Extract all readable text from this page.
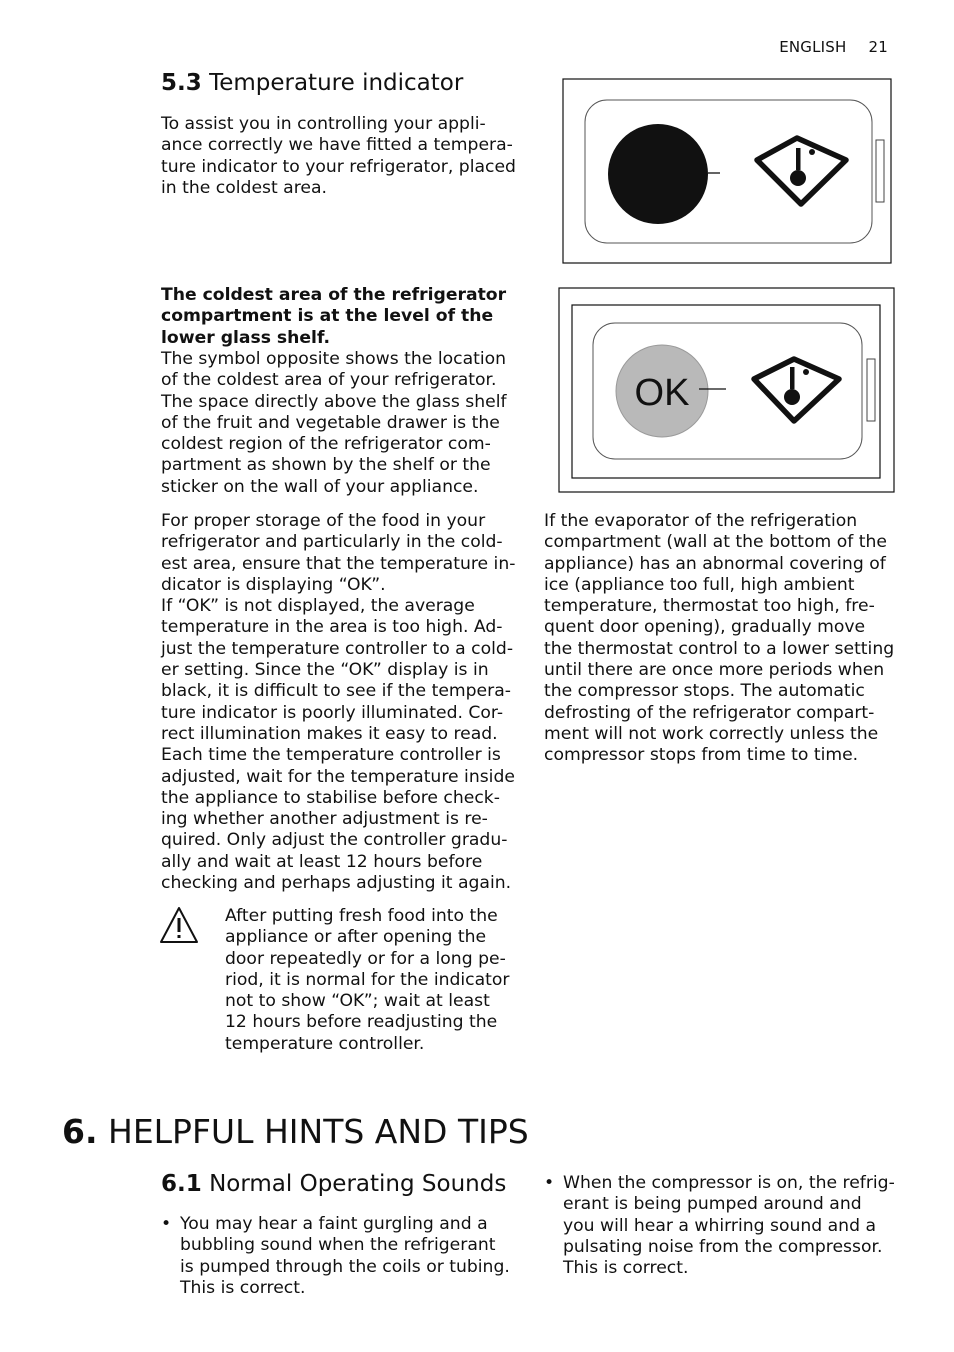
ENGLISH 21
5.3 Temperature indicator

To assist you in controlling your appli-
ance correctly we have fitted a tempera-
ture indicator to your refrigerator, placed
in the coldest area.

The coldest area of the refrigerator
compartment is at the level of the
lower glass shelf.

The symbol opposite shows the location
of the coldest area of your refrigerator.
The space directly above the glass shelf
of the fruit and vegetable drawer is the
coldest region of the refrigerator com-
partment as shown by the shelf or the
sticker on the wall of your appliance.

For proper storage of the food in your
refrigerator and particularly in the cold-
est area, ensure that the temperature in-
dicator is displaying “OK”.
If “OK” is not displayed, the average
temperature in the area is too high. Ad-
just the temperature controller to a cold-
er setting. Since the “OK” display is in
black, it is difficult to see if the tempera-
ture indicator is poorly illuminated. Cor-
rect illumination makes it easy to read.
Each time the temperature controller is
adjusted, wait for the temperature inside
the appliance to stabilise before check-
ing whether another adjustment is re-
quired. Only adjust the controller gradu-
ally and wait at least 12 hours before
checking and perhaps adjusting it again.

After putting fresh food into the
appliance or after opening the
door repeatedly or for a long pe-
riod, it is normal for the indicator
not to show “OK”; wait at least
12 hours before readjusting the
temperature controller.

OK

If the evaporator of the refrigeration
compartment (wall at the bottom of the
appliance) has an abnormal covering of
ice (appliance too full, high ambient
temperature, thermostat too high, fre-
quent door opening), gradually move
the thermostat control to a lower setting
until there are once more periods when
the compressor stops. The automatic
defrosting of the refrigerator compart-
ment will not work correctly unless the
compressor stops from time to time.

6. HELPFUL HINTS AND TIPS
6.1 Normal Operating Sounds
• You may hear a faint gurgling and a
bubbling sound when the refrigerant
is pumped through the coils or tubing.
This is correct.
• When the compressor is on, the refrig-
erant is being pumped around and
you will hear a whirring sound and a
pulsating noise from the compressor.
This is correct.
